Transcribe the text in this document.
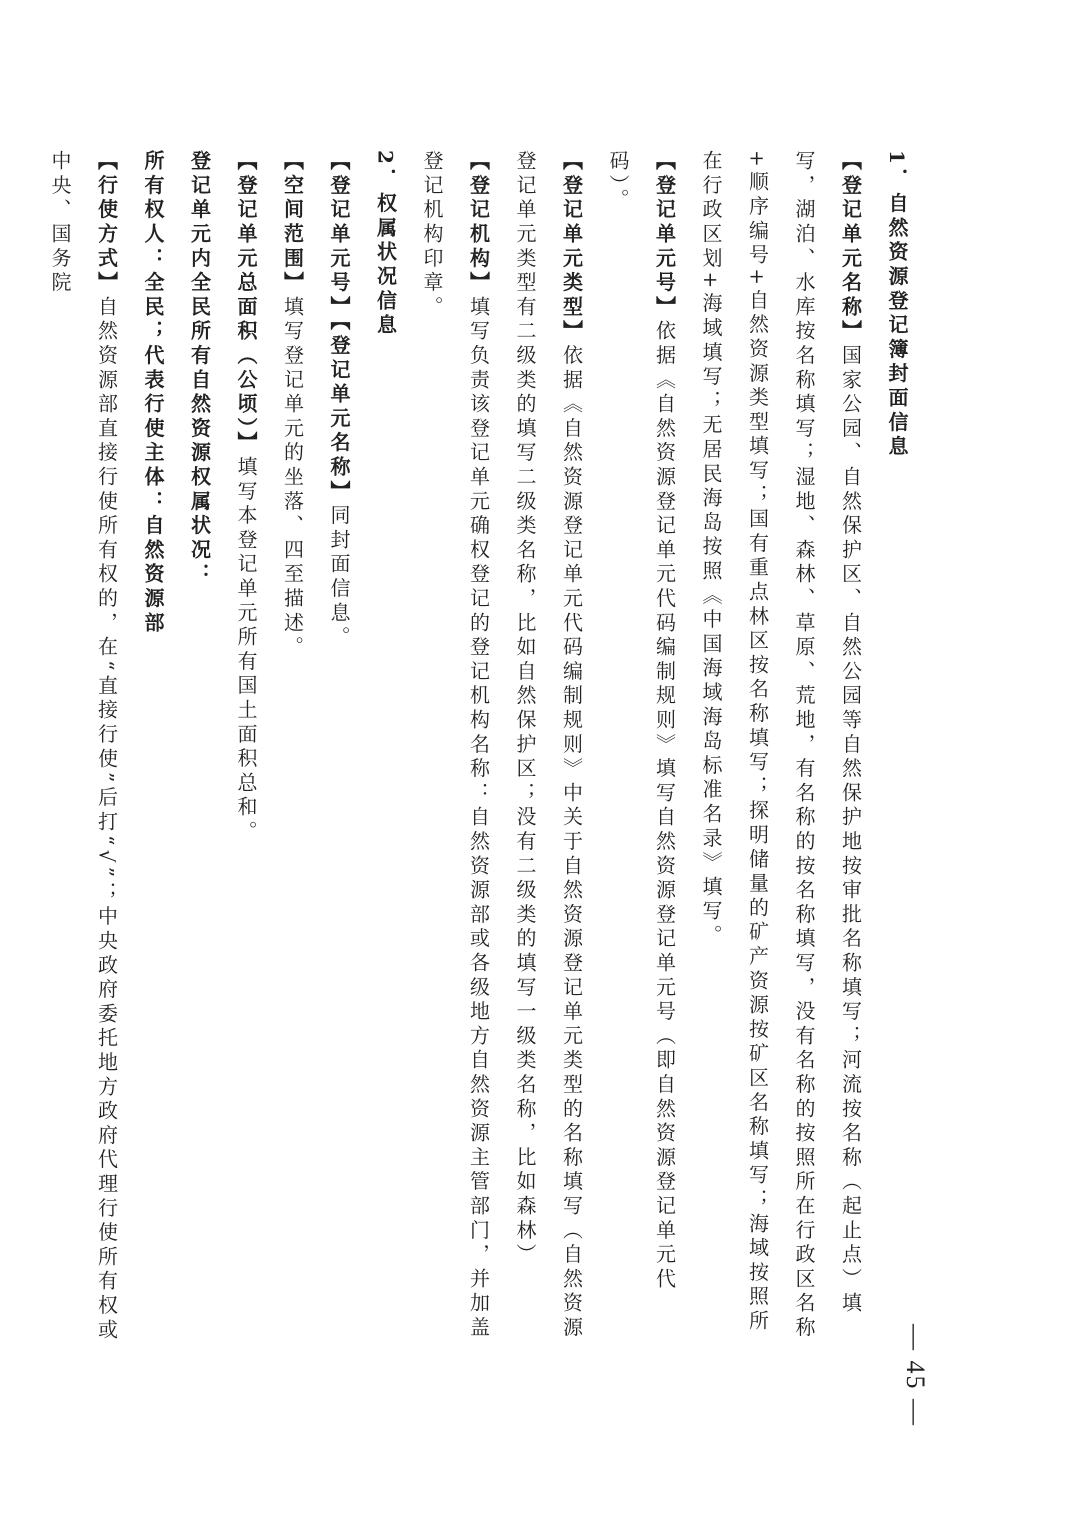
1．自然资源登记簿封面信息

【登记单元名称】国家公园、自然保护区、自然公园等自然保护地按审批名称填写；河流按名称（起止点）填写，湖泊、水库按名称填写；湿地、森林、草原、荒地，有名称的按名称填写，没有名称的按照所在行政区名称+顺序编号+自然资源类型填写；国有重点林区按名称填写；探明储量的矿产资源按矿区名称填写；海域按照所在行政区划+海域填写；无居民海岛按照《中国海域海岛标准名录》填写。

【登记单元号】依据《自然资源登记单元代码编制规则》填写自然资源登记单元号（即自然资源登记单元代码）。

【登记单元类型】依据《自然资源登记单元代码编制规则》中关于自然资源登记单元类型的名称填写（自然资源登记单元类型有二级类的填写二级类名称，比如自然保护区；没有二级类的填写一级类名称，比如森林）

【登记机构】填写负责该登记单元确权登记的登记机构名称：自然资源部或各级地方自然资源主管部门，并加盖登记机构印章。

2．权属状况信息

【登记单元号】【登记单元名称】同封面信息。

【空间范围】填写登记单元的坐落、四至描述。

【登记单元总面积（公顷）】填写本登记单元所有国土面积总和。

登记单元内全民所有自然资源权属状况：

所有权人：全民；代表行使主体：自然资源部

【行使方式】自然资源部直接行使所有权的，在“直接行使”后打“√”；中央政府委托地方政府代理行使所有权或中央、国务院

— 45 —
